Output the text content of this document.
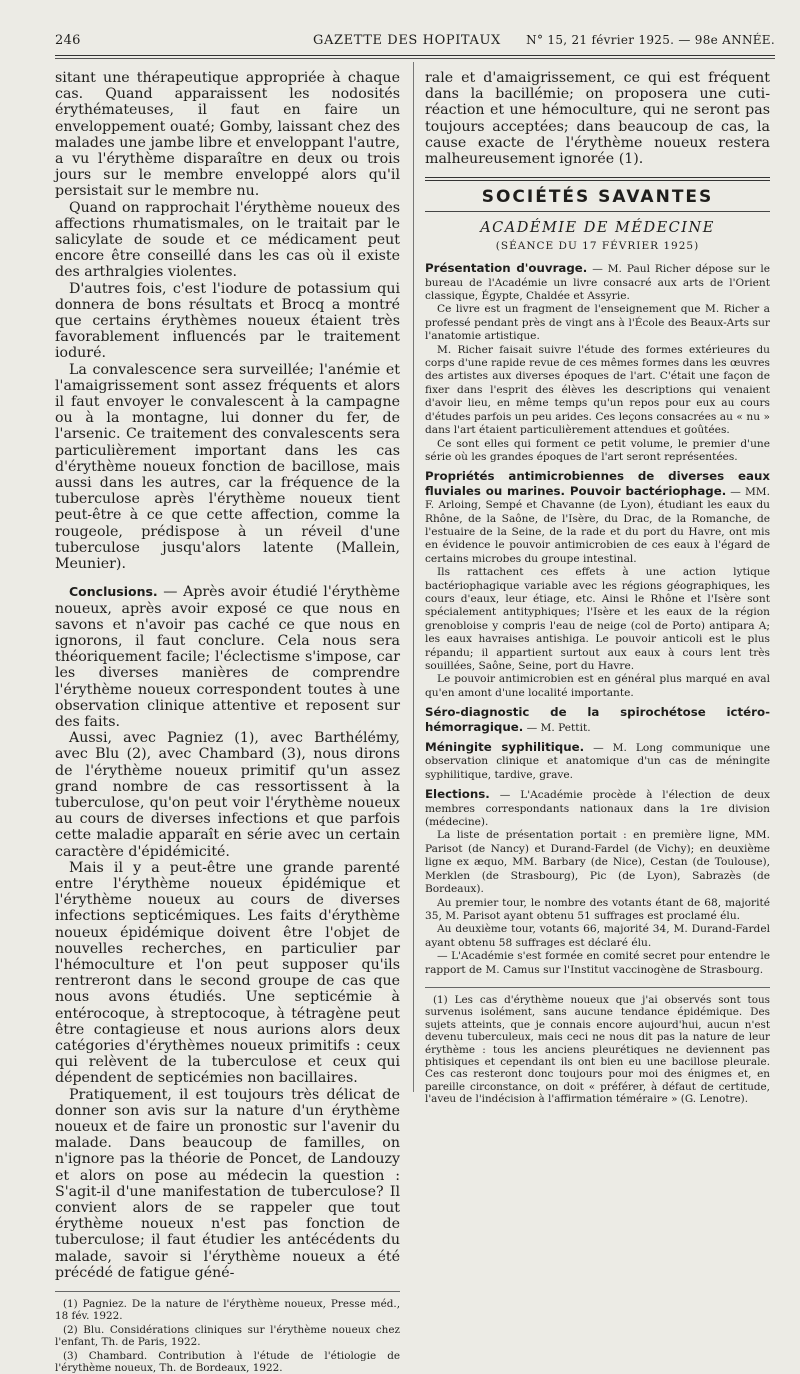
246	GAZETTE DES HOPITAUX N° 15, 21 février 1925. — 98e ANNÉE.

sitant une thérapeutique appropriée à chaque cas. Quand apparaissent les nodosités érythémateuses, il faut en faire un enveloppement ouaté; Gomby, laissant chez des malades une jambe libre et enveloppant l'autre, a vu l'érythème disparaître en deux ou trois jours sur le membre enveloppé alors qu'il persistait sur le membre nu.

Quand on rapprochait l'érythème noueux des affections rhumatismales, on le traitait par le salicylate de soude et ce médicament peut encore être conseillé dans les cas où il existe des arthralgies violentes.

D'autres fois, c'est l'iodure de potassium qui donnera de bons résultats et Brocq a montré que certains érythèmes noueux étaient très favorablement influencés par le traitement ioduré.

La convalescence sera surveillée; l'anémie et l'amaigrissement sont assez fréquents et alors il faut envoyer le convalescent à la campagne ou à la montagne, lui donner du fer, de l'arsenic. Ce traitement des convalescents sera particulièrement important dans les cas d'érythème noueux fonction de bacillose, mais aussi dans les autres, car la fréquence de la tuberculose après l'érythème noueux tient peut-être à ce que cette affection, comme la rougeole, prédispose à un réveil d'une tuberculose jusqu'alors latente (Mallein, Meunier).

Conclusions. — Après avoir étudié l'érythème noueux, après avoir exposé ce que nous en savons et n'avoir pas caché ce que nous en ignorons, il faut conclure. Cela nous sera théoriquement facile; l'éclectisme s'impose, car les diverses manières de comprendre l'érythème noueux correspondent toutes à une observation clinique attentive et reposent sur des faits.

Aussi, avec Pagniez (1), avec Barthélémy, avec Blu (2), avec Chambard (3), nous dirons de l'érythème noueux primitif qu'un assez grand nombre de cas ressortissent à la tuberculose, qu'on peut voir l'érythème noueux au cours de diverses infections et que parfois cette maladie apparaît en série avec un certain caractère d'épidémicité.

Mais il y a peut-être une grande parenté entre l'érythème noueux épidémique et l'érythème noueux au cours de diverses infections septicémiques. Les faits d'érythème noueux épidémique doivent être l'objet de nouvelles recherches, en particulier par l'hémoculture et l'on peut supposer qu'ils rentreront dans le second groupe de cas que nous avons étudiés. Une septicémie à entérocoque, à streptocoque, à tétragène peut être contagieuse et nous aurions alors deux catégories d'érythèmes noueux primitifs : ceux qui relèvent de la tuberculose et ceux qui dépendent de septicémies non bacillaires.

Pratiquement, il est toujours très délicat de donner son avis sur la nature d'un érythème noueux et de faire un pronostic sur l'avenir du malade. Dans beaucoup de familles, on n'ignore pas la théorie de Poncet, de Landouzy et alors on pose au médecin la question : S'agit-il d'une manifestation de tuberculose? Il convient alors de se rappeler que tout érythème noueux n'est pas fonction de tuberculose; il faut étudier les antécédents du malade, savoir si l'érythème noueux a été précédé de fatigue géné-

(1) Pagniez. De la nature de l'érythème noueux, Presse méd., 18 fév. 1922.

(2) Blu. Considérations cliniques sur l'érythème noueux chez l'enfant, Th. de Paris, 1922.

(3) Chambard. Contribution à l'étude de l'étiologie de l'érythème noueux, Th. de Bordeaux, 1922.

rale et d'amaigrissement, ce qui est fréquent dans la bacillémie; on proposera une cuti-réaction et une hémoculture, qui ne seront pas toujours acceptées; dans beaucoup de cas, la cause exacte de l'érythème noueux restera malheureusement ignorée (1).

SOCIÉTÉS SAVANTES
ACADÉMIE DE MÉDECINE
(SÉANCE DU 17 FÉVRIER 1925)

Présentation d'ouvrage. — M. Paul Richer dépose sur le bureau de l'Académie un livre consacré aux arts de l'Orient classique, Égypte, Chaldée et Assyrie.

Ce livre est un fragment de l'enseignement que M. Richer a professé pendant près de vingt ans à l'École des Beaux-Arts sur l'anatomie artistique.

M. Richer faisait suivre l'étude des formes extérieures du corps d'une rapide revue de ces mêmes formes dans les œuvres des artistes aux diverses époques de l'art. C'était une façon de fixer dans l'esprit des élèves les descriptions qui venaient d'avoir lieu, en même temps qu'un repos pour eux au cours d'études parfois un peu arides. Ces leçons consacrées au « nu » dans l'art étaient particulièrement attendues et goûtées.

Ce sont elles qui forment ce petit volume, le premier d'une série où les grandes époques de l'art seront représentées.

Propriétés antimicrobiennes de diverses eaux fluviales ou marines. Pouvoir bactériophage. — MM. F. Arloing, Sempé et Chavanne (de Lyon), étudiant les eaux du Rhône, de la Saône, de l'Isère, du Drac, de la Romanche, de l'estuaire de la Seine, de la rade et du port du Havre, ont mis en évidence le pouvoir antimicrobien de ces eaux à l'égard de certains microbes du groupe intestinal.

Ils rattachent ces effets à une action lytique bactériophagique variable avec les régions géographiques, les cours d'eaux, leur étiage, etc. Ainsi le Rhône et l'Isère sont spécialement antityphiques; l'Isère et les eaux de la région grenobloise y compris l'eau de neige (col de Porto) antipara A; les eaux havraises antishiga. Le pouvoir anticoli est le plus répandu; il appartient surtout aux eaux à cours lent très souillées, Saône, Seine, port du Havre.

Le pouvoir antimicrobien est en général plus marqué en aval qu'en amont d'une localité importante.

Séro-diagnostic de la spirochétose ictéro-hémorragique. — M. Pettit.

Méningite syphilitique. — M. Long communique une observation clinique et anatomique d'un cas de méningite syphilitique, tardive, grave.

Elections. — L'Académie procède à l'élection de deux membres correspondants nationaux dans la 1re division (médecine).

La liste de présentation portait : en première ligne, MM. Parisot (de Nancy) et Durand-Fardel (de Vichy); en deuxième ligne ex æquo, MM. Barbary (de Nice), Cestan (de Toulouse), Merklen (de Strasbourg), Pic (de Lyon), Sabrazès (de Bordeaux).

Au premier tour, le nombre des votants étant de 68, majorité 35, M. Parisot ayant obtenu 51 suffrages est proclamé élu.

Au deuxième tour, votants 66, majorité 34, M. Durand-Fardel ayant obtenu 58 suffrages est déclaré élu.

— L'Académie s'est formée en comité secret pour entendre le rapport de M. Camus sur l'Institut vaccinogène de Strasbourg.

(1) Les cas d'érythème noueux que j'ai observés sont tous survenus isolément, sans aucune tendance épidémique. Des sujets atteints, que je connais encore aujourd'hui, aucun n'est devenu tuberculeux, mais ceci ne nous dit pas la nature de leur érythème : tous les anciens pleurétiques ne deviennent pas phtisiques et cependant ils ont bien eu une bacillose pleurale. Ces cas resteront donc toujours pour moi des énigmes et, en pareille circonstance, on doit « préférer, à défaut de certitude, l'aveu de l'indécision à l'affirmation téméraire » (G. Lenotre).
